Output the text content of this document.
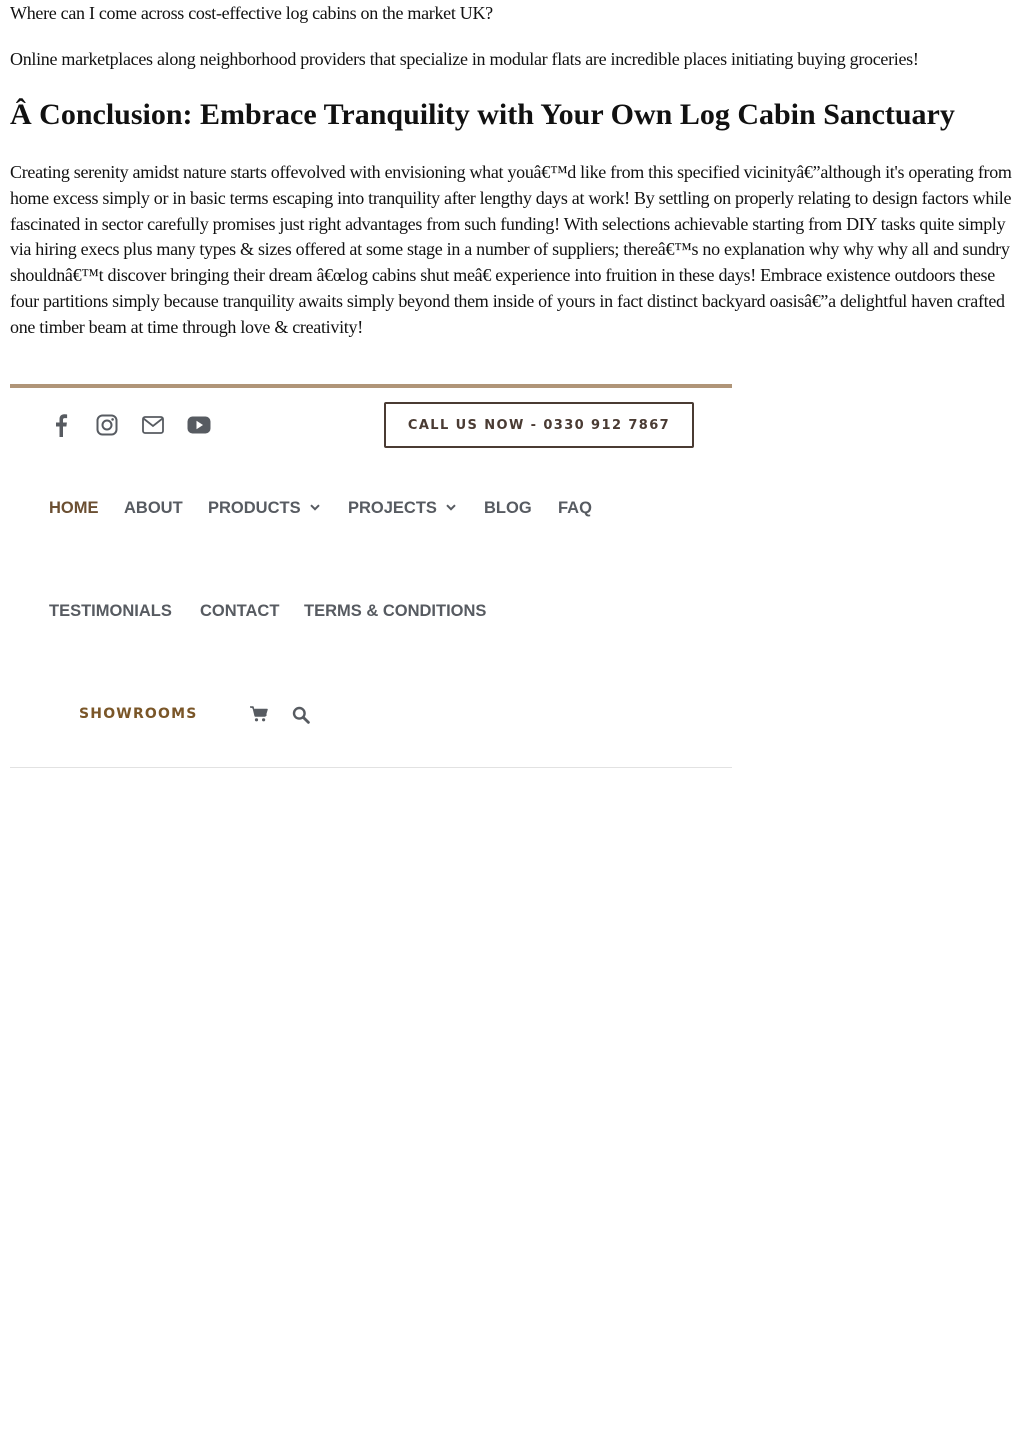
Where can I come across cost-effective log cabins on the market UK?
Online marketplaces along neighborhood providers that specialize in modular flats are incredible places initiating buying groceries!
Â Conclusion: Embrace Tranquility with Your Own Log Cabin Sanctuary

Creating serenity amidst nature starts offevolved with envisioning what youâ€™d like from this specified vicinityâ€”although it's operating from home excess simply or in basic terms escaping into tranquility after lengthy days at work! By settling on properly relating to design factors while fascinated in sector carefully promises just right advantages from such funding! With selections achievable starting from DIY tasks quite simply via hiring execs plus many types & sizes offered at some stage in a number of suppliers; thereâ€™s no explanation why why why all and sundry shouldnâ€™t discover bringing their dream â€œlog cabins shut meâ€ experience into fruition in these days! Embrace existence outdoors these four partitions simply because tranquility awaits simply beyond them inside of yours in fact distinct backyard oasisâ€”a delightful haven crafted one timber beam at time through love & creativity!

CALL US NOW - 0330 912 7867
HOME ABOUT PRODUCTS	PROJECTS	BLOG FAQ
TESTIMONIALS CONTACT TERMS & CONDITIONS
SHOWROOMS
